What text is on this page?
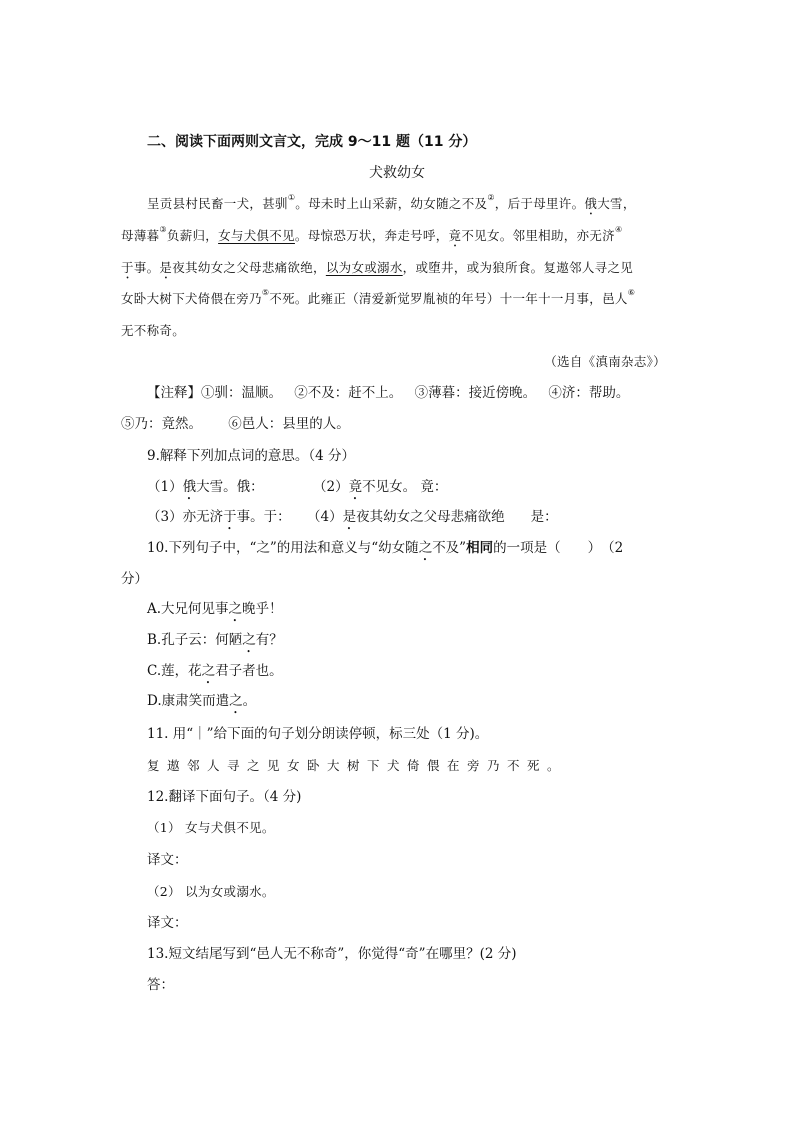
二、阅读下面两则文言文，完成 9～11 题（11 分）
犬救幼女
呈贡县村民畜一犬，甚驯①。母未时上山采薪，幼女随之不及②，后于母里许。俄大雪，
母薄暮③负薪归，女与犬俱不见。母惊恐万状，奔走号呼，竟不见女。邻里相助，亦无济④
于事。是夜其幼女之父母悲痛欲绝，以为女或溺水，或堕井，或为狼所食。复遨邻人寻之见
女卧大树下犬倚偎在旁乃⑤不死。此雍正（清爱新觉罗胤祯的年号）十一年十一月事，邑人⑥
无不称奇。
（选自《滇南杂志》）
【注释】①驯：温顺。 ②不及：赶不上。 ③薄暮：接近傍晚。 ④济：帮助。
⑤乃：竟然。 ⑥邑人：县里的人。
9.解释下列加点词的意思。（4 分）
（1）俄大雪。俄：	（2）竟不见女。 竟：
（3）亦无济于事。于： （4）是夜其幼女之父母悲痛欲绝 是：
10.下列句子中，“之”的用法和意义与“幼女随之不及”相同的一项是（　　）　（2
分）
A.大兄何见事之晚乎！
B.孔子云：何陋之有？
C.莲，花之君子者也。
D.康肃笑而遣之。
11. 用“｜”给下面的句子划分朗读停顿，标三处（1 分)。
复遨邻人寻之见女卧大树下犬倚偎在旁乃不死。
12.翻译下面句子。（4 分)
（1） 女与犬俱不见。
译文：
（2） 以为女或溺水。
译文：
13.短文结尾写到“邑人无不称奇”，你觉得“奇”在哪里？(2 分)
答：
